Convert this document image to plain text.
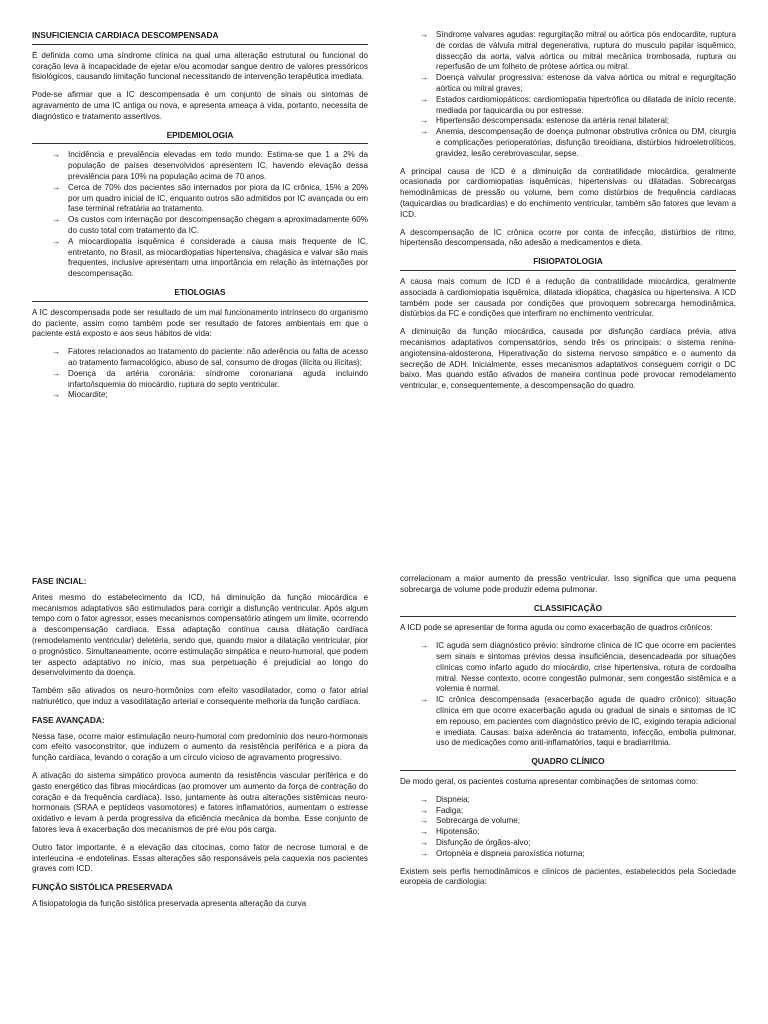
INSUFICIENCIA CARDIACA DESCOMPENSADA

É definida como uma síndrome clínica na qual uma alteração estrutural ou funcional do coração leva à incapacidade de ejetar e/ou acomodar sangue dentro de valores pressóricos fisiológicos, causando limitação funcional necessitando de intervenção terapêutica imediata.

Pode-se afirmar que a IC descompensada é um conjunto de sinais ou sintomas de agravamento de uma IC antiga ou nova, e apresenta ameaça à vida, portanto, necessita de diagnóstico e tratamento assertivos.

EPIDEMIOLOGIA
→ Incidência e prevalência elevadas em todo mundo. Estima-se que 1 a 2% da população de países desenvolvidos apresentem IC, havendo elevação dessa prevalência para 10% na população acima de 70 anos.
→ Cerca de 70% dos pacientes são internados por piora da IC crônica, 15% a 20% por um quadro inicial de IC, enquanto outros são admitidos por IC avançada ou em fase terminal refratária ao tratamento.
→ Os custos com internação por descompensação chegam a aproximadamente 60% do custo total com tratamento da IC.
→ A miocardiopatia isquêmica é considerada a causa mais frequente de IC, entretanto, no Brasil, as miocardiopatias hipertensiva, chagásica e valvar são mais frequentes, inclusive apresentam uma importância em relação às internações por descompensação.
ETIOLOGIAS

A IC descompensada pode ser resultado de um mal funcionamento intrínseco do organismo do paciente, assim como também pode ser resultado de fatores ambientais em que o paciente está exposto e aos seus hábitos de vida:

→ Fatores relacionados ao tratamento do paciente: não aderência ou falta de acesso ao tratamento farmacológico, abuso de sal, consumo de drogas (ilícita ou ilícitas);
→ Doença da artéria coronária: síndrome coronariana aguda incluindo infarto/isquemia do miocárdio, ruptura do septo ventricular.
→ Miocardite;
→ Síndrome valvares agudas: regurgitação mitral ou aórtica pós endocardite, ruptura de cordas de válvula mitral degenerativa, ruptura do musculo papilar isquêmico, dissecção da aorta, valva aórtica ou mitral mecânica trombosada, ruptura ou reperfusão de um folheto de prótese aórtica ou mitral.
→ Doença valvular progressiva: estenose da valva aórtica ou mitral e regurgitação aórtica ou mitral graves;
→ Estados cardiomiopáticos: cardiomiopatia hipertrófica ou dilatada de início recente, mediada por taquicardia ou por estresse.
→ Hipertensão descompensada: estenose da artéria renal bilateral;
→ Anemia, descompensação de doença pulmonar obstrutiva crônica ou DM, cirurgia e complicações perioperatórias, disfunção tireoidiana, distúrbios hidroeletrolíticos, gravidez, lesão cerebrovascular, sepse.

A principal causa de ICD é a diminuição da contratilidade miocárdica, geralmente ocasionada por cardiomiopatias isquêmicas, hipertensivas ou dilatadas. Sobrecargas hemodinâmicas de pressão ou volume, bem como distúrbios de frequência cardíacas (taquicardias ou bradicardias) e do enchimento ventricular, também são fatores que levam a ICD.

A descompensação de IC crônica ocorre por conta de infecção, distúrbios de ritmo, hipertensão descompensada, não adesão a medicamentos e dieta.

FISIOPATOLOGIA

A causa mais comum de ICD é a redução da contratilidade miocárdica, geralmente associada à cardiomiopatia isquêmica, dilatada idiopática, chagásica ou hipertensiva. A ICD também pode ser causada por condições que provoquem sobrecarga hemodinâmica, distúrbios da FC e condições que interfiram no enchimento ventricular.

A diminuição da função miocárdica, causada por disfunção cardíaca prévia, ativa mecanismos adaptativos compensatórios, sendo três os principais: o sistema renina-angiotensina-aldosterona, Hiperativação do sistema nervoso simpático e o aumento da secreção de ADH. Inicialmente, esses mecanismos adaptativos conseguem corrigir o DC baixo. Mas quando estão ativados de maneira contínua pode provocar remodelamento ventricular, e, consequentemente, a descompensação do quadro.

FASE INCIAL:

Antes mesmo do estabelecimento da ICD, há diminuição da função miocárdica e mecanismos adaptativos são estimulados para corrigir a disfunção ventricular. Após algum tempo com o fator agressor, esses mecanismos compensatório atingem um limite, ocorrendo a descompensação cardíaca. Essa adaptação contínua causa dilatação cardíaca (remodelamento ventricular) deletéria, sendo que, quando maior a dilatação ventricular, pior o prognóstico. Simultaneamente, ocorre estimulação simpática e neuro-humoral, que podem ter aspecto adaptativo no início, mas sua perpetuação é prejudicial ao longo do desenvolvimento da doença.

Também são ativados os neuro-hormônios com efeito vasodilatador, como o fator atrial natriurético, que induz a vasodilatação arterial e consequente melhoria da função cardíaca.

FASE AVANÇADA:

Nessa fase, ocorre maior estimulação neuro-humoral com predomínio dos neuro-hormonais com efeito vasoconstritor, que induzem o aumento da resistência periférica e a piora da função cardíaca, levando o coração a um círculo vicioso de agravamento progressivo.

A ativação do sistema simpático provoca aumento da resistência vascular periférica e do gasto energético das fibras miocárdicas (ao promover um aumento da força de contração do coração e da frequência cardíaca). Isso, juntamente às outra alterações sistêmicas neuro-hormonais (SRAA e peptídeos vasomotores) e fatores inflamatórios, aumentam o estresse oxidativo e levam à perda progressiva da eficiência mecânica da bomba. Esse conjunto de fatores leva à exacerbação dos mecanismos de pré e/ou pós carga.

Outro fator importante, é a elevação das citocinas, como fator de necrose tumoral e de interleucina ‑e endotelinas. Essas alterações são responsáveis pela caquexia nos pacientes graves com ICD.

FUNÇÃO SISTÓLICA PRESERVADA

A fisiopatologia da função sistólica preservada apresenta alteração da curva

correlacionam a maior aumento da pressão ventricular. Isso significa que uma pequena sobrecarga de volume pode produzir edema pulmonar.

CLASSIFICAÇÃO

A ICD pode se apresentar de forma aguda ou como exacerbação de quadros crônicos:

→ IC aguda sem diagnóstico prévio: síndrome clínica de IC que ocorre em pacientes sem sinais e sintomas prévios dessa insuficiência, desencadeada por situações clínicas como infarto agudo do miocárdio, crise hipertensiva, rotura de cordoalha mitral. Nesse contexto, ocorre congestão pulmonar, sem congestão sistêmica e a volemia é normal.
→ IC crônica descompensada (exacerbação aguda de quadro crônico): situação clínica em que ocorre exacerbação aguda ou gradual de sinais e sintomas de IC em repouso, em pacientes com diagnóstico prévio de IC, exigindo terapia adicional e imediata. Causas: baixa aderência ao tratamento, infecção, embolia pulmonar, uso de medicações como anti-inflamatórios, taqui e bradiarritmia.
QUADRO CLÍNICO

De modo geral, os pacientes costuma apresentar combinações de sintomas como:

→ Dispneia;
→ Fadiga;
→ Sobrecarga de volume;
→ Hipotensão;
→ Disfunção de órgãos-alvo;
→ Ortopnéia e dispneia paroxística noturna;

Existem seis perfis hemodinâmicos e clínicos de pacientes, estabelecidos pela Sociedade europeia de cardiologia:
